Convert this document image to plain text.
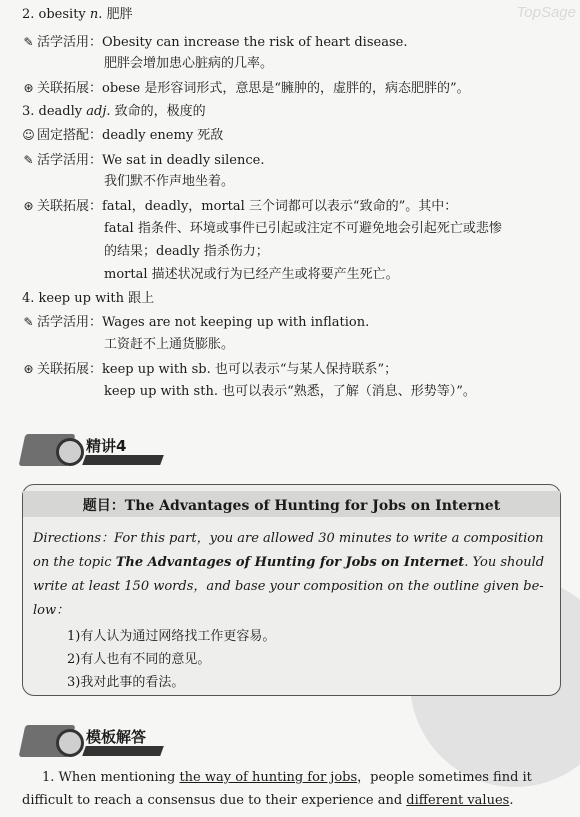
TopSage
2. obesity n. 肥胖
✎ 活学活用：Obesity can increase the risk of heart disease.
肥胖会增加患心脏病的几率。
⊛ 关联拓展：obese 是形容词形式，意思是“臃肿的，虚胖的，病态肥胖的”。
3. deadly adj. 致命的，极度的
☺ 固定搭配：deadly enemy 死敌
✎ 活学活用：We sat in deadly silence.
我们默不作声地坐着。
⊛ 关联拓展：fatal，deadly，mortal 三个词都可以表示“致命的”。其中：
fatal 指条件、环境或事件已引起或注定不可避免地会引起死亡或悲惨
的结果；deadly 指杀伤力；
mortal 描述状况或行为已经产生或将要产生死亡。
4. keep up with 跟上
✎ 活学活用：Wages are not keeping up with inflation.
工资赶不上通货膨胀。
⊛ 关联拓展：keep up with sb. 也可以表示“与某人保持联系”；
keep up with sth. 也可以表示“熟悉，了解（消息、形势等）”。
精讲4
题目：The Advantages of Hunting for Jobs on Internet
Directions：For this part，you are allowed 30 minutes to write a composition
on the topic The Advantages of Hunting for Jobs on Internet. You should
write at least 150 words，and base your composition on the outline given be-
low：
1)有人认为通过网络找工作更容易。
2)有人也有不同的意见。
3)我对此事的看法。
模板解答
1. When mentioning the way of hunting for jobs，people sometimes find it
difficult to reach a consensus due to their experience and different values.
